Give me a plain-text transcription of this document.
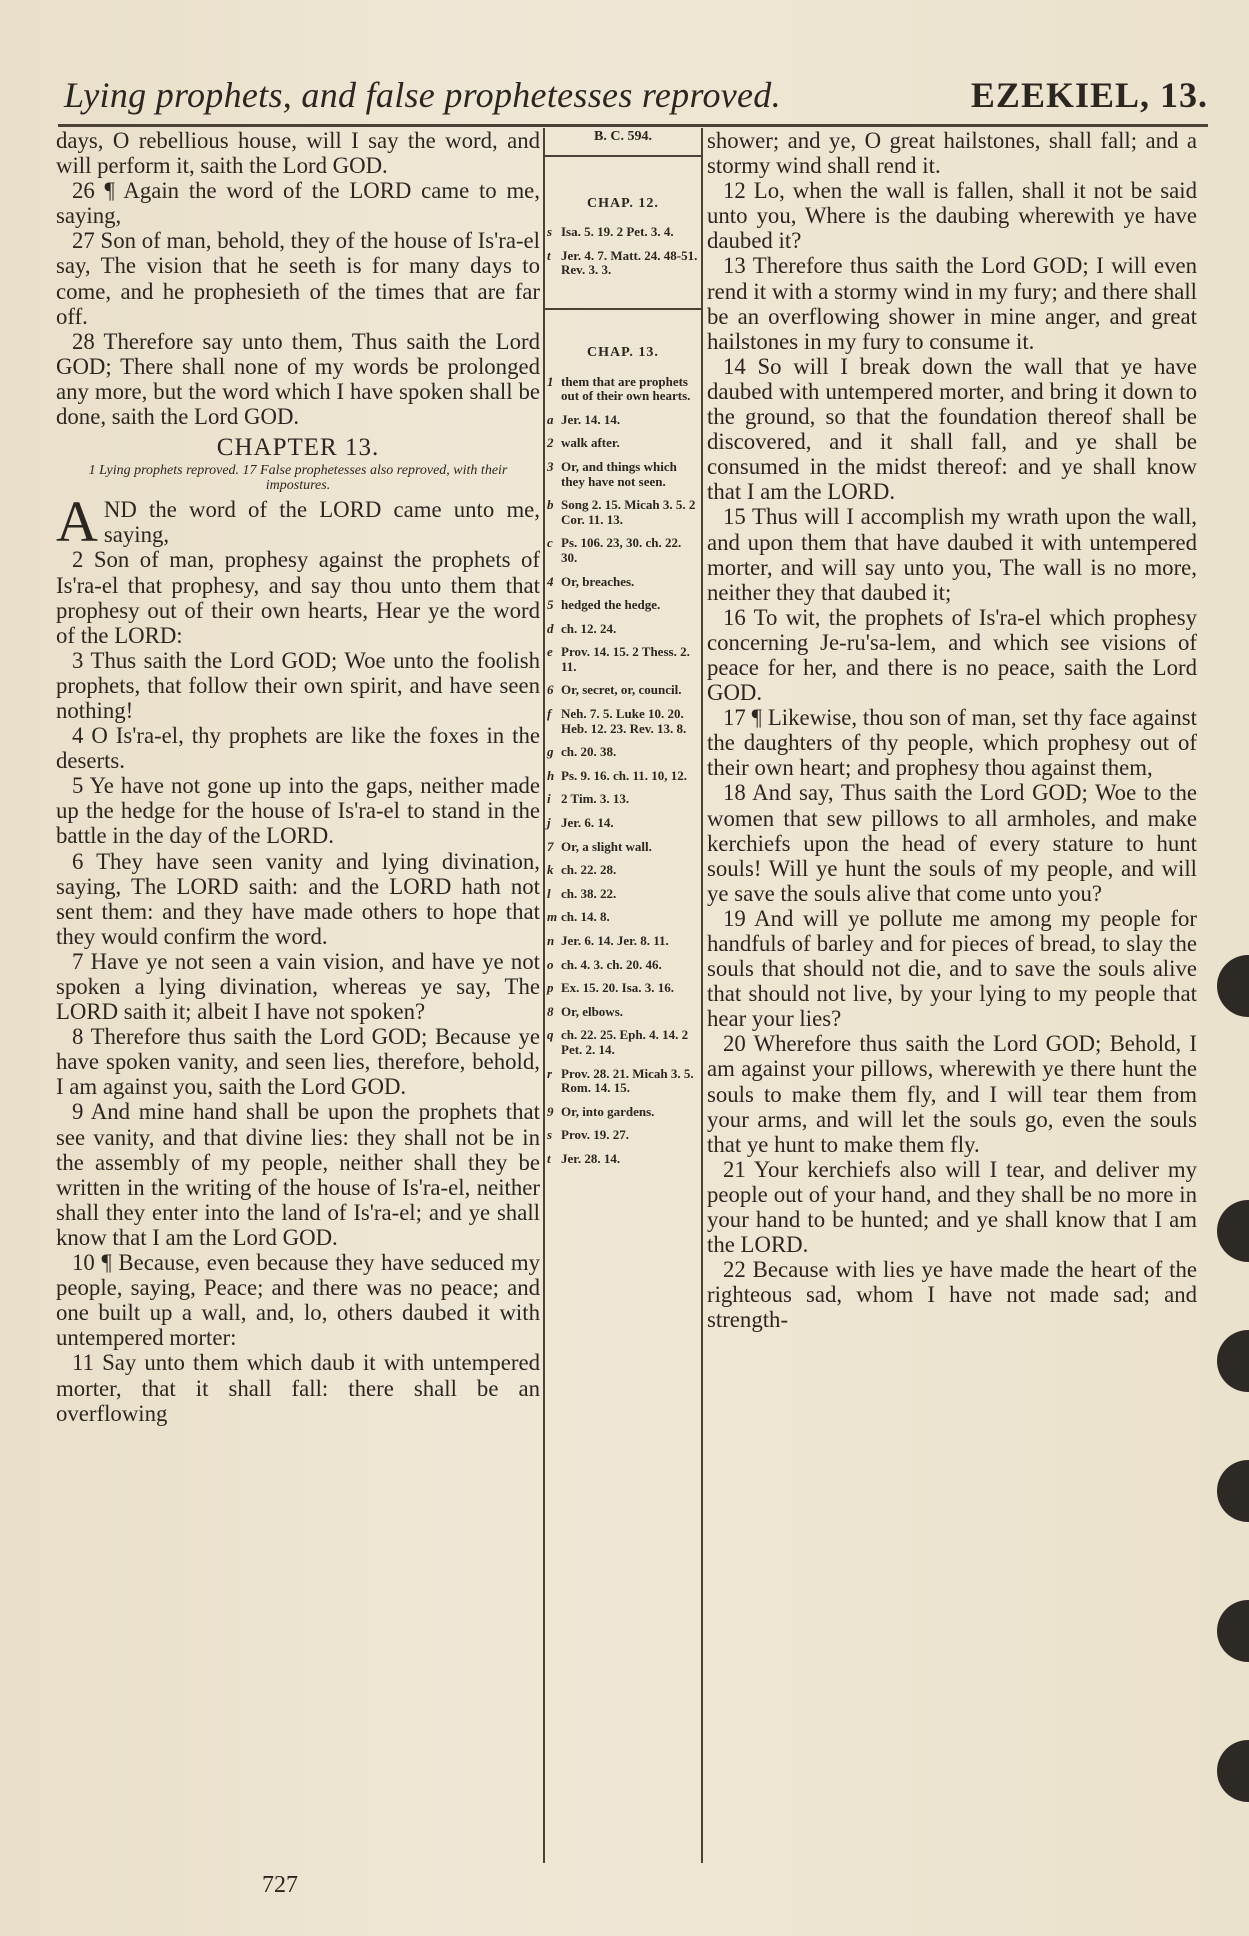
Lying prophets, and false prophetesses reproved.	EZEKIEL, 13.

days, O rebellious house, will I say the word, and will perform it, saith the Lord GOD.

26 ¶ Again the word of the LORD came to me, saying,

27 Son of man, behold, they of the house of Is'ra-el say, The vision that he seeth is for many days to come, and he prophesieth of the times that are far off.

28 Therefore say unto them, Thus saith the Lord GOD; There shall none of my words be prolonged any more, but the word which I have spoken shall be done, saith the Lord GOD.

CHAPTER 13.
1 Lying prophets reproved. 17 False prophetesses also reproved, with their impostures.

AND the word of the LORD came unto me, saying,

2 Son of man, prophesy against the prophets of Is'ra-el that prophesy, and say thou unto them that prophesy out of their own hearts, Hear ye the word of the LORD:

3 Thus saith the Lord GOD; Woe unto the foolish prophets, that follow their own spirit, and have seen nothing!

4 O Is'ra-el, thy prophets are like the foxes in the deserts.

5 Ye have not gone up into the gaps, neither made up the hedge for the house of Is'ra-el to stand in the battle in the day of the LORD.

6 They have seen vanity and lying divination, saying, The LORD saith: and the LORD hath not sent them: and they have made others to hope that they would confirm the word.

7 Have ye not seen a vain vision, and have ye not spoken a lying divination, whereas ye say, The LORD saith it; albeit I have not spoken?

8 Therefore thus saith the Lord GOD; Because ye have spoken vanity, and seen lies, therefore, behold, I am against you, saith the Lord GOD.

9 And mine hand shall be upon the prophets that see vanity, and that divine lies: they shall not be in the assembly of my people, neither shall they be written in the writing of the house of Is'ra-el, neither shall they enter into the land of Is'ra-el; and ye shall know that I am the Lord GOD.

10 ¶ Because, even because they have seduced my people, saying, Peace; and there was no peace; and one built up a wall, and, lo, others daubed it with untempered morter:

11 Say unto them which daub it with untempered morter, that it shall fall: there shall be an overflowing

B. C. 594.
CHAP. 12.
s Isa. 5. 19. 2 Pet. 3. 4.
t Jer. 4. 7. Matt. 24. 48-51. Rev. 3. 3.
CHAP. 13.
1 them that are prophets out of their own hearts.
a Jer. 14. 14.
2 walk after.
3 Or, and things which they have not seen.
b Song 2. 15. Micah 3. 5. 2 Cor. 11. 13.
c Ps. 106. 23, 30. ch. 22. 30.
4 Or, breaches.
5 hedged the hedge.
d ch. 12. 24.
e Prov. 14. 15. 2 Thess. 2. 11.
6 Or, secret, or, council.
f Neh. 7. 5. Luke 10. 20. Heb. 12. 23. Rev. 13. 8.
g ch. 20. 38.
h Ps. 9. 16. ch. 11. 10, 12.
i 2 Tim. 3. 13.
j Jer. 6. 14.
7 Or, a slight wall.
k ch. 22. 28.
l ch. 38. 22.
m ch. 14. 8.
n Jer. 6. 14. Jer. 8. 11.
o ch. 4. 3. ch. 20. 46.
p Ex. 15. 20. Isa. 3. 16.
8 Or, elbows.
q ch. 22. 25. Eph. 4. 14. 2 Pet. 2. 14.
r Prov. 28. 21. Micah 3. 5. Rom. 14. 15.
9 Or, into gardens.
s Prov. 19. 27.
t Jer. 28. 14.

shower; and ye, O great hailstones, shall fall; and a stormy wind shall rend it.

12 Lo, when the wall is fallen, shall it not be said unto you, Where is the daubing wherewith ye have daubed it?

13 Therefore thus saith the Lord GOD; I will even rend it with a stormy wind in my fury; and there shall be an overflowing shower in mine anger, and great hailstones in my fury to consume it.

14 So will I break down the wall that ye have daubed with untempered morter, and bring it down to the ground, so that the foundation thereof shall be discovered, and it shall fall, and ye shall be consumed in the midst thereof: and ye shall know that I am the LORD.

15 Thus will I accomplish my wrath upon the wall, and upon them that have daubed it with untempered morter, and will say unto you, The wall is no more, neither they that daubed it;

16 To wit, the prophets of Is'ra-el which prophesy concerning Je-ru'sa-lem, and which see visions of peace for her, and there is no peace, saith the Lord GOD.

17 ¶ Likewise, thou son of man, set thy face against the daughters of thy people, which prophesy out of their own heart; and prophesy thou against them,

18 And say, Thus saith the Lord GOD; Woe to the women that sew pillows to all armholes, and make kerchiefs upon the head of every stature to hunt souls! Will ye hunt the souls of my people, and will ye save the souls alive that come unto you?

19 And will ye pollute me among my people for handfuls of barley and for pieces of bread, to slay the souls that should not die, and to save the souls alive that should not live, by your lying to my people that hear your lies?

20 Wherefore thus saith the Lord GOD; Behold, I am against your pillows, wherewith ye there hunt the souls to make them fly, and I will tear them from your arms, and will let the souls go, even the souls that ye hunt to make them fly.

21 Your kerchiefs also will I tear, and deliver my people out of your hand, and they shall be no more in your hand to be hunted; and ye shall know that I am the LORD.

22 Because with lies ye have made the heart of the righteous sad, whom I have not made sad; and strength-

727
